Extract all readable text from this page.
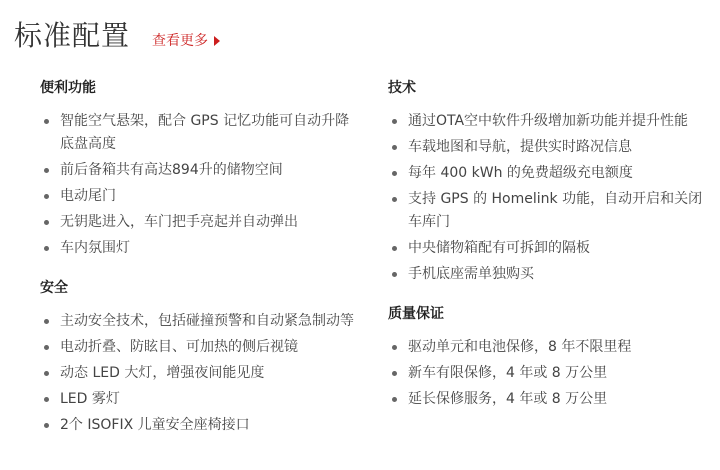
标准配置 查看更多
便利功能
智能空气悬架，配合 GPS 记忆功能可自动升降底盘高度
前后备箱共有高达894升的储物空间
电动尾门
无钥匙进入，车门把手亮起并自动弹出
车内氛围灯
安全
主动安全技术，包括碰撞预警和自动紧急制动等
电动折叠、防眩目、可加热的侧后视镜
动态 LED 大灯，增强夜间能见度
LED 雾灯
2个 ISOFIX 儿童安全座椅接口
技术
通过OTA空中软件升级增加新功能并提升性能
车载地图和导航，提供实时路况信息
每年 400 kWh 的免费超级充电额度
支持 GPS 的 Homelink 功能，自动开启和关闭车库门
中央储物箱配有可拆卸的隔板
手机底座需单独购买
质量保证
驱动单元和电池保修，8 年不限里程
新车有限保修，4 年或 8 万公里
延长保修服务，4 年或 8 万公里
